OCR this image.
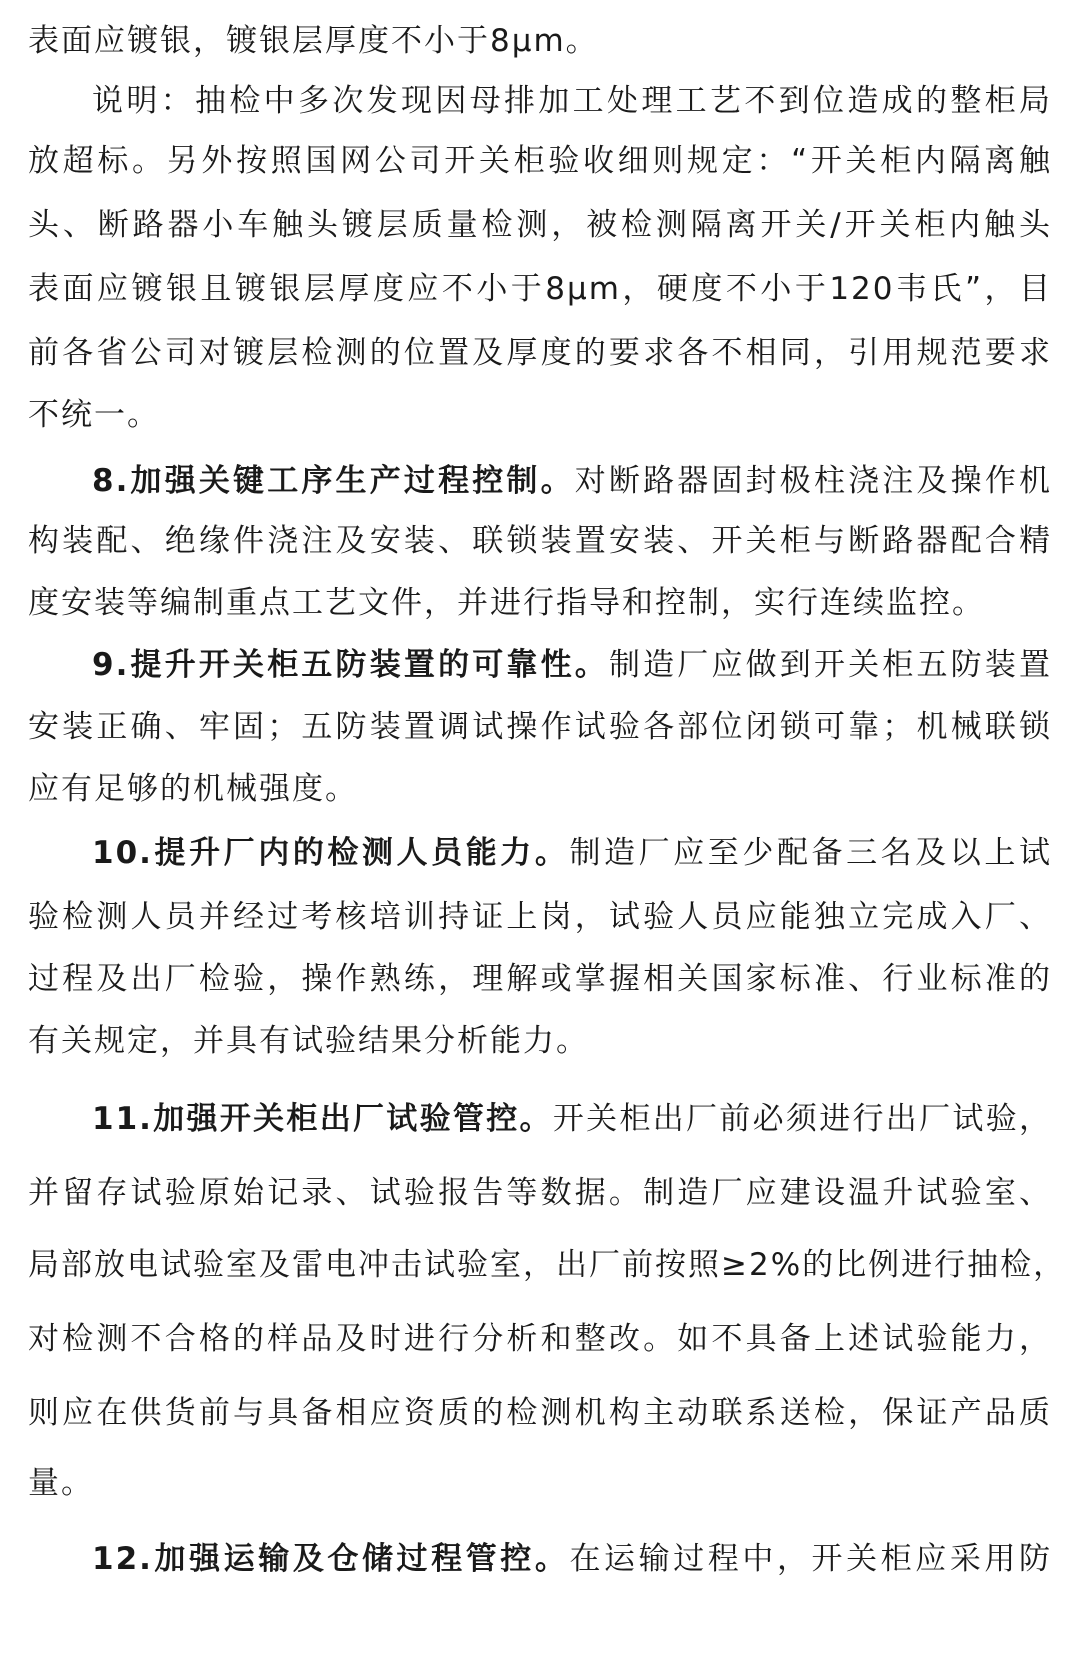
表面应镀银，镀银层厚度不小于8μm。
说明：抽检中多次发现因母排加工处理工艺不到位造成的整柜局
放超标。另外按照国网公司开关柜验收细则规定：“开关柜内隔离触
头、断路器小车触头镀层质量检测，被检测隔离开关/开关柜内触头
表面应镀银且镀银层厚度应不小于8μm，硬度不小于120韦氏”，目
前各省公司对镀层检测的位置及厚度的要求各不相同，引用规范要求
不统一。
8.加强关键工序生产过程控制。对断路器固封极柱浇注及操作机
构装配、绝缘件浇注及安装、联锁装置安装、开关柜与断路器配合精
度安装等编制重点工艺文件，并进行指导和控制，实行连续监控。
9.提升开关柜五防装置的可靠性。制造厂应做到开关柜五防装置
安装正确、牢固；五防装置调试操作试验各部位闭锁可靠；机械联锁
应有足够的机械强度。
10.提升厂内的检测人员能力。制造厂应至少配备三名及以上试
验检测人员并经过考核培训持证上岗，试验人员应能独立完成入厂、
过程及出厂检验，操作熟练，理解或掌握相关国家标准、行业标准的
有关规定，并具有试验结果分析能力。
11.加强开关柜出厂试验管控。开关柜出厂前必须进行出厂试验，
并留存试验原始记录、试验报告等数据。制造厂应建设温升试验室、
局部放电试验室及雷电冲击试验室，出厂前按照≥2%的比例进行抽检，
对检测不合格的样品及时进行分析和整改。如不具备上述试验能力，
则应在供货前与具备相应资质的检测机构主动联系送检，保证产品质
量。
12.加强运输及仓储过程管控。在运输过程中，开关柜应采用防
